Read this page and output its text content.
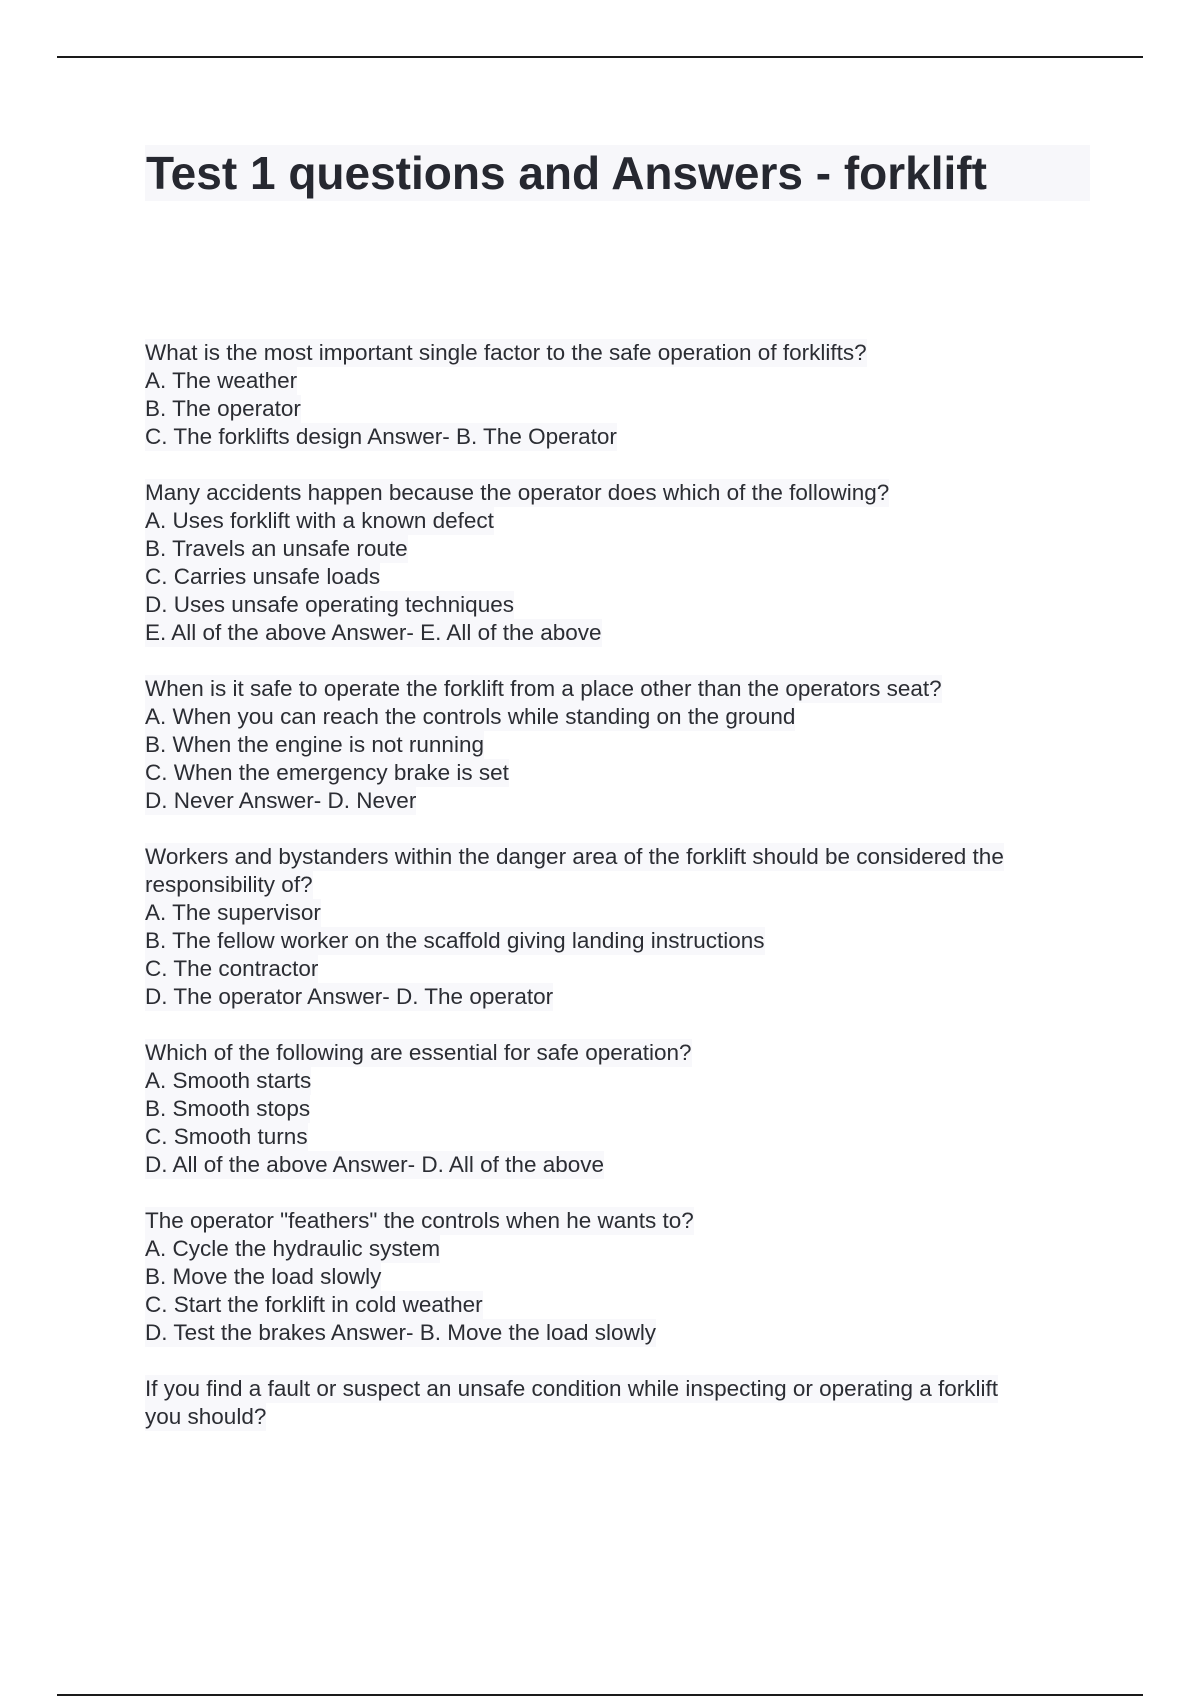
Test 1 questions and Answers - forklift
What is the most important single factor to the safe operation of forklifts?
A. The weather
B. The operator
C. The forklifts design Answer- B. The Operator
Many accidents happen because the operator does which of the following?
A. Uses forklift with a known defect
B. Travels an unsafe route
C. Carries unsafe loads
D. Uses unsafe operating techniques
E. All of the above Answer- E. All of the above
When is it safe to operate the forklift from a place other than the operators seat?
A. When you can reach the controls while standing on the ground
B. When the engine is not running
C. When the emergency brake is set
D. Never Answer- D. Never
Workers and bystanders within the danger area of the forklift should be considered the
responsibility of?
A. The supervisor
B. The fellow worker on the scaffold giving landing instructions
C. The contractor
D. The operator Answer- D. The operator
Which of the following are essential for safe operation?
A. Smooth starts
B. Smooth stops
C. Smooth turns
D. All of the above Answer- D. All of the above
The operator "feathers" the controls when he wants to?
A. Cycle the hydraulic system
B. Move the load slowly
C. Start the forklift in cold weather
D. Test the brakes Answer- B. Move the load slowly
If you find a fault or suspect an unsafe condition while inspecting or operating a forklift
you should?
